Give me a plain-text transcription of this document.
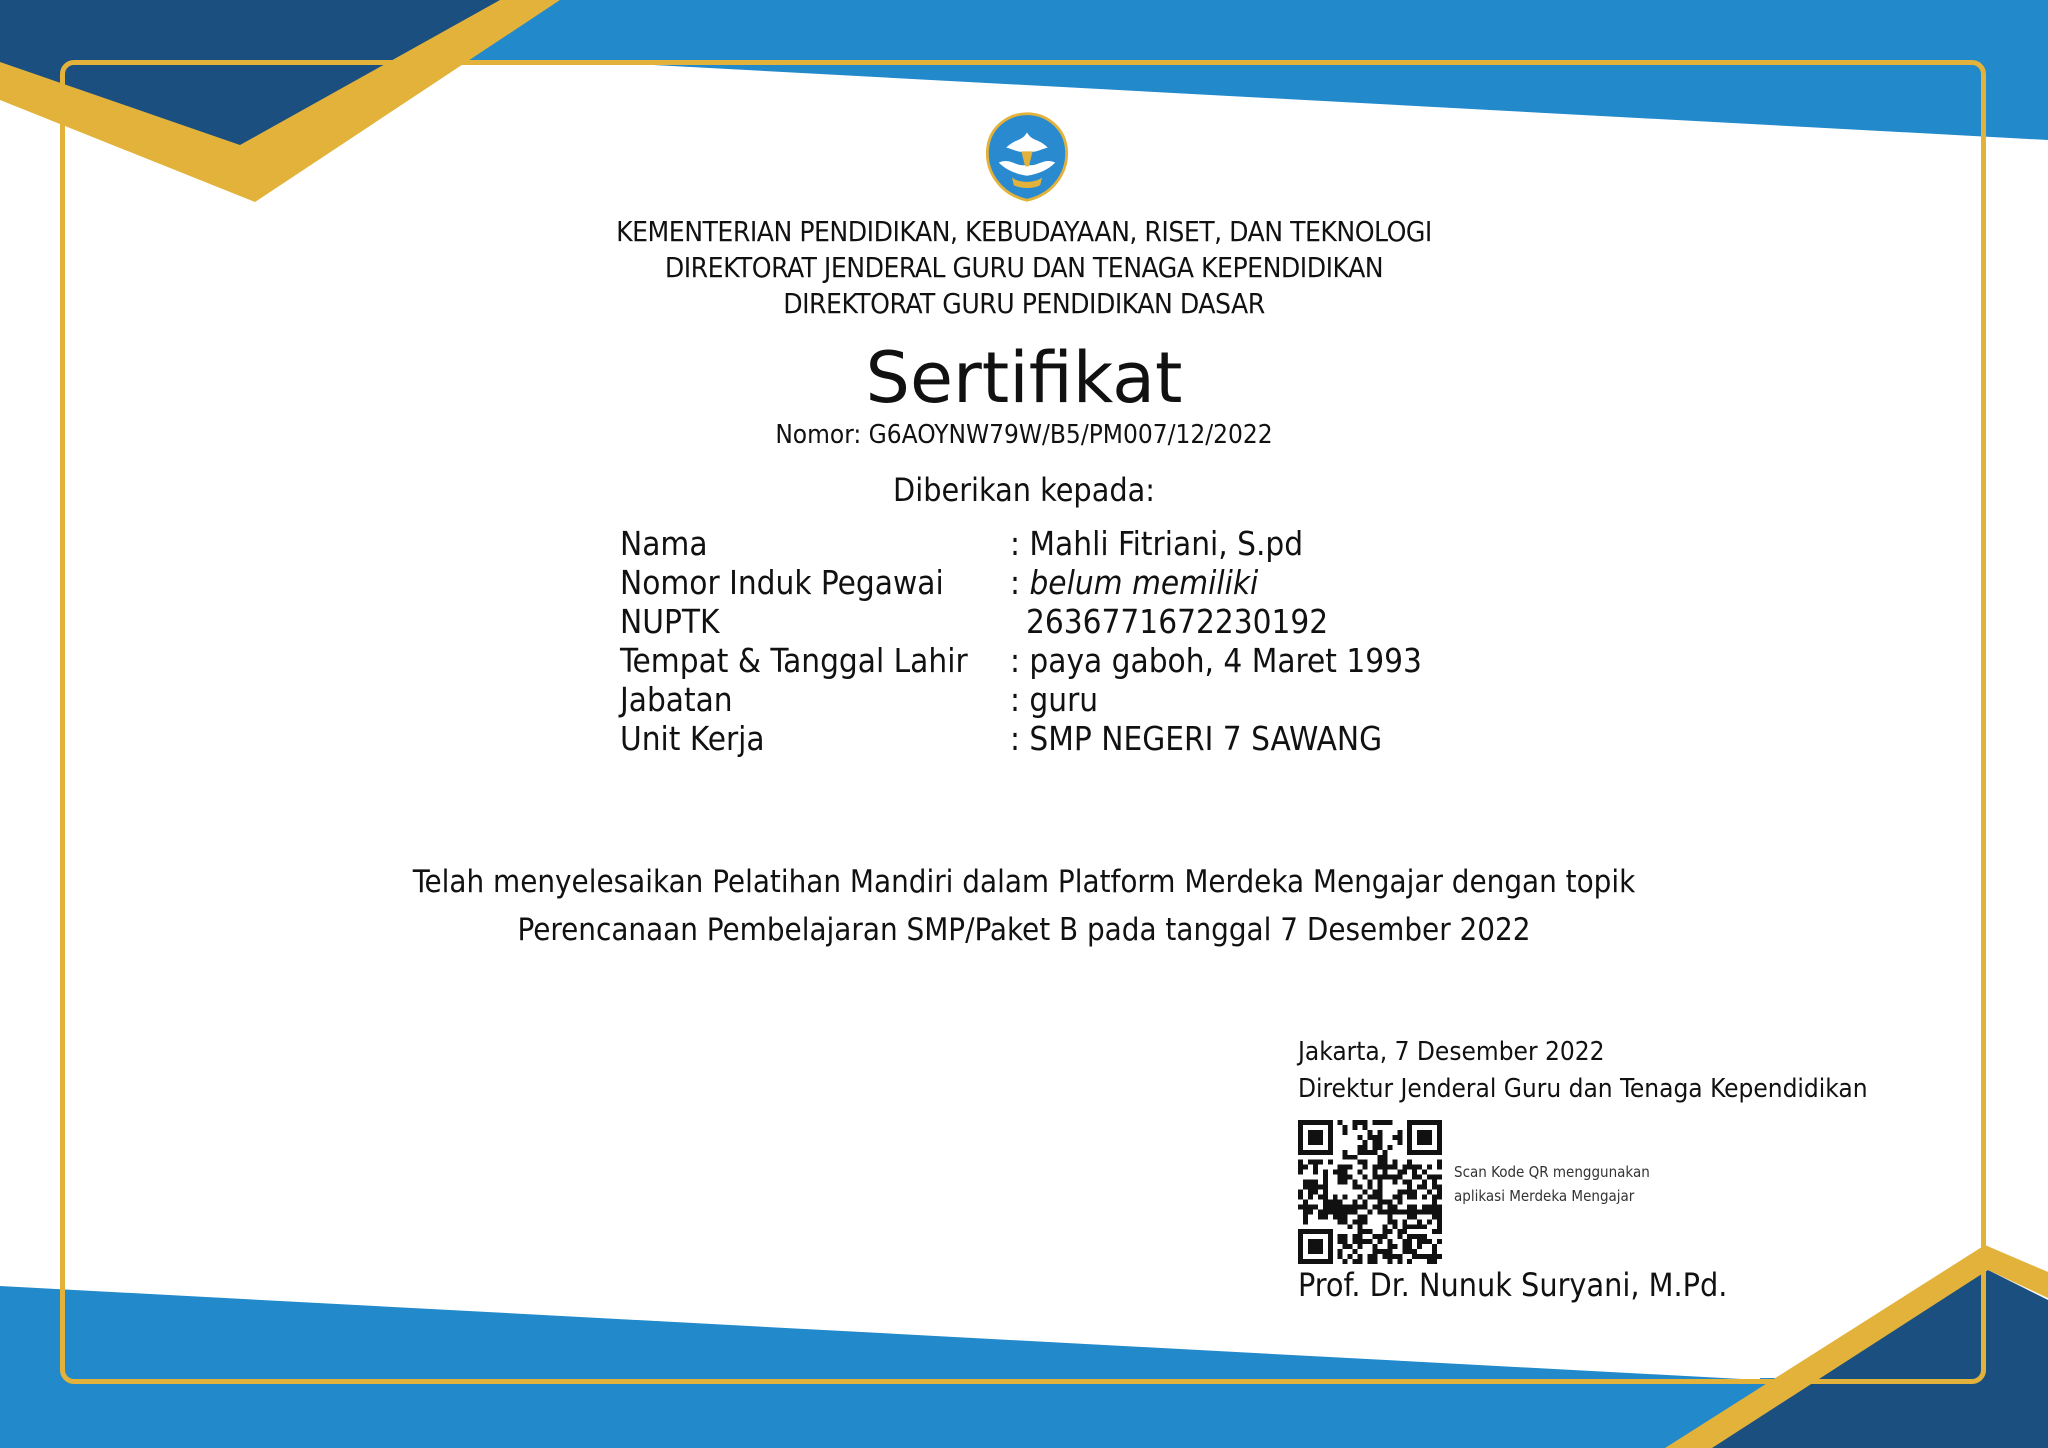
KEMENTERIAN PENDIDIKAN, KEBUDAYAAN, RISET, DAN TEKNOLOGI
DIREKTORAT JENDERAL GURU DAN TENAGA KEPENDIDIKAN
DIREKTORAT GURU PENDIDIKAN DASAR
Sertifikat
Nomor: G6AOYNW79W/B5/PM007/12/2022
Diberikan kepada:
Nama	: Mahli Fitriani, S.pd
Nomor Induk Pegawai : belum memiliki
NUPTK	2636771672230192
Tempat & Tanggal Lahir : paya gaboh, 4 Maret 1993
Jabatan	: guru
Unit Kerja	: SMP NEGERI 7 SAWANG
Telah menyelesaikan Pelatihan Mandiri dalam Platform Merdeka Mengajar dengan topik
Perencanaan Pembelajaran SMP/Paket B pada tanggal 7 Desember 2022
Jakarta, 7 Desember 2022
Direktur Jenderal Guru dan Tenaga Kependidikan
Scan Kode QR menggunakan
aplikasi Merdeka Mengajar
Prof. Dr. Nunuk Suryani, M.Pd.
